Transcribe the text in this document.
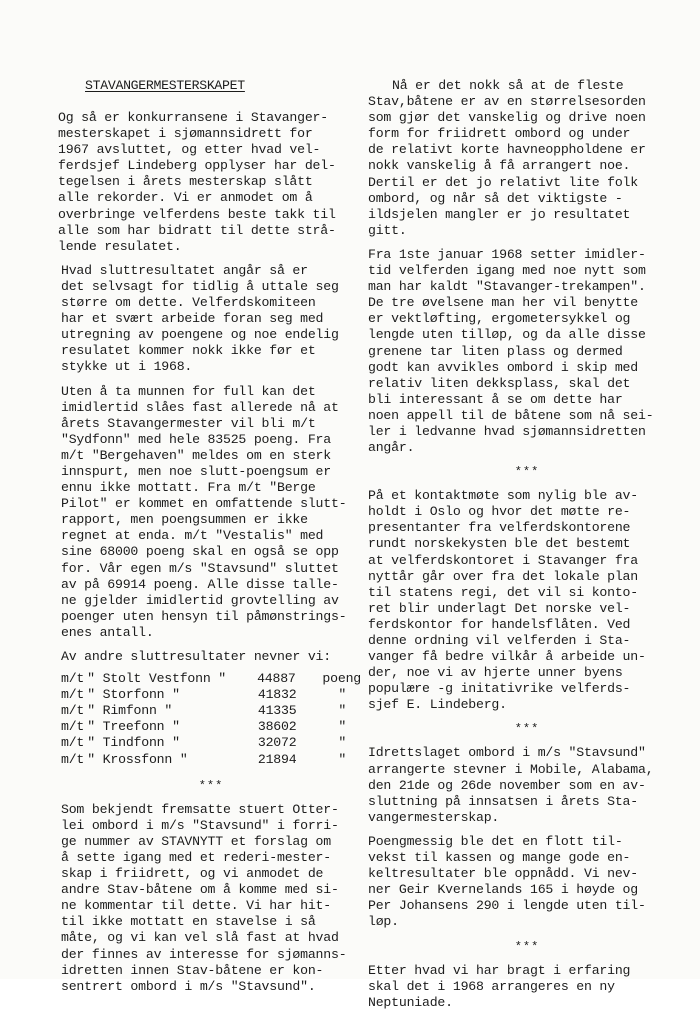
STAVANGERMESTERSKAPET
Og så er konkurransene i Stavanger-
mesterskapet i sjømannsidrett for
1967 avsluttet, og etter hvad vel-
ferdsjef Lindeberg opplyser har del-
tegelsen i årets mesterskap slått
alle rekorder. Vi er anmodet om å
overbringe velferdens beste takk til
alle som har bidratt til dette strå-
lende resulatet.
Hvad sluttresultatet angår så er
det selvsagt for tidlig å uttale seg
større om dette. Velferdskomiteen
har et svært arbeide foran seg med
utregning av poengene og noe endelig
resulatet kommer nokk ikke før et
stykke ut i 1968.
Uten å ta munnen for full kan det
imidlertid slåes fast allerede nå at
årets Stavangermester vil bli m/t
"Sydfonn" med hele 83525 poeng. Fra
m/t "Bergehaven" meldes om en sterk
innspurt, men noe slutt-poengsum er
ennu ikke mottatt. Fra m/t "Berge
Pilot" er kommet en omfattende slutt-
rapport, men poengsummen er ikke
regnet at enda. m/t "Vestalis" med
sine 68000 poeng skal en også se opp
for. Vår egen m/s "Stavsund" sluttet
av på 69914 poeng. Alle disse talle-
ne gjelder imidlertid grovtelling av
poenger uten hensyn til påmønstrings-
enes antall.
Av andre sluttresultater nevner vi:
m/t " Stolt Vestfonn "	44887	poeng
m/t " Storfonn "	41832	"
m/t " Rimfonn "	41335	"
m/t " Treefonn "	38602	"
m/t " Tindfonn "	32072	"
m/t " Krossfonn "	21894	"
***
Som bekjendt fremsatte stuert Otter-
lei ombord i m/s "Stavsund" i forri-
ge nummer av STAVNYTT et forslag om
å sette igang med et rederi-mester-
skap i friidrett, og vi anmodet de
andre Stav-båtene om å komme med si-
ne kommentar til dette. Vi har hit-
til ikke mottatt en stavelse i så
måte, og vi kan vel slå fast at hvad
der finnes av interesse for sjømanns-
idretten innen Stav-båtene er kon-
sentrert ombord i m/s "Stavsund".
Nå er det nokk så at de fleste
Stav,båtene er av en størrelsesorden
som gjør det vanskelig og drive noen
form for friidrett ombord og under
de relativt korte havneoppholdene er
nokk vanskelig å få arrangert noe.
Dertil er det jo relativt lite folk
ombord, og når så det viktigste -
ildsjelen mangler er jo resultatet
gitt.
Fra 1ste januar 1968 setter imidler-
tid velferden igang med noe nytt som
man har kaldt "Stavanger-trekampen".
De tre øvelsene man her vil benytte
er vektløfting, ergometersykkel og
lengde uten tilløp, og da alle disse
grenene tar liten plass og dermed
godt kan avvikles ombord i skip med
relativ liten dekksplass, skal det
bli interessant å se om dette har
noen appell til de båtene som nå sei-
ler i ledvanne hvad sjømannsidretten
angår.
***
På et kontaktmøte som nylig ble av-
holdt i Oslo og hvor det møtte re-
presentanter fra velferdskontorene
rundt norskekysten ble det bestemt
at velferdskontoret i Stavanger fra
nyttår går over fra det lokale plan
til statens regi, det vil si konto-
ret blir underlagt Det norske vel-
ferdskontor for handelsflåten. Ved
denne ordning vil velferden i Sta-
vanger få bedre vilkår å arbeide un-
der, noe vi av hjerte unner byens
populære -g initativrike velferds-
sjef E. Lindeberg.
***
Idrettslaget ombord i m/s "Stavsund"
arrangerte stevner i Mobile, Alabama,
den 21de og 26de november som en av-
sluttning på innsatsen i årets Sta-
vangermesterskap.
Poengmessig ble det en flott til-
vekst til kassen og mange gode en-
keltresultater ble oppnådd. Vi nev-
ner Geir Kvernelands 165 i høyde og
Per Johansens 290 i lengde uten til-
løp.
***
Etter hvad vi har bragt i erfaring
skal det i 1968 arrangeres en ny
Neptuniade.
